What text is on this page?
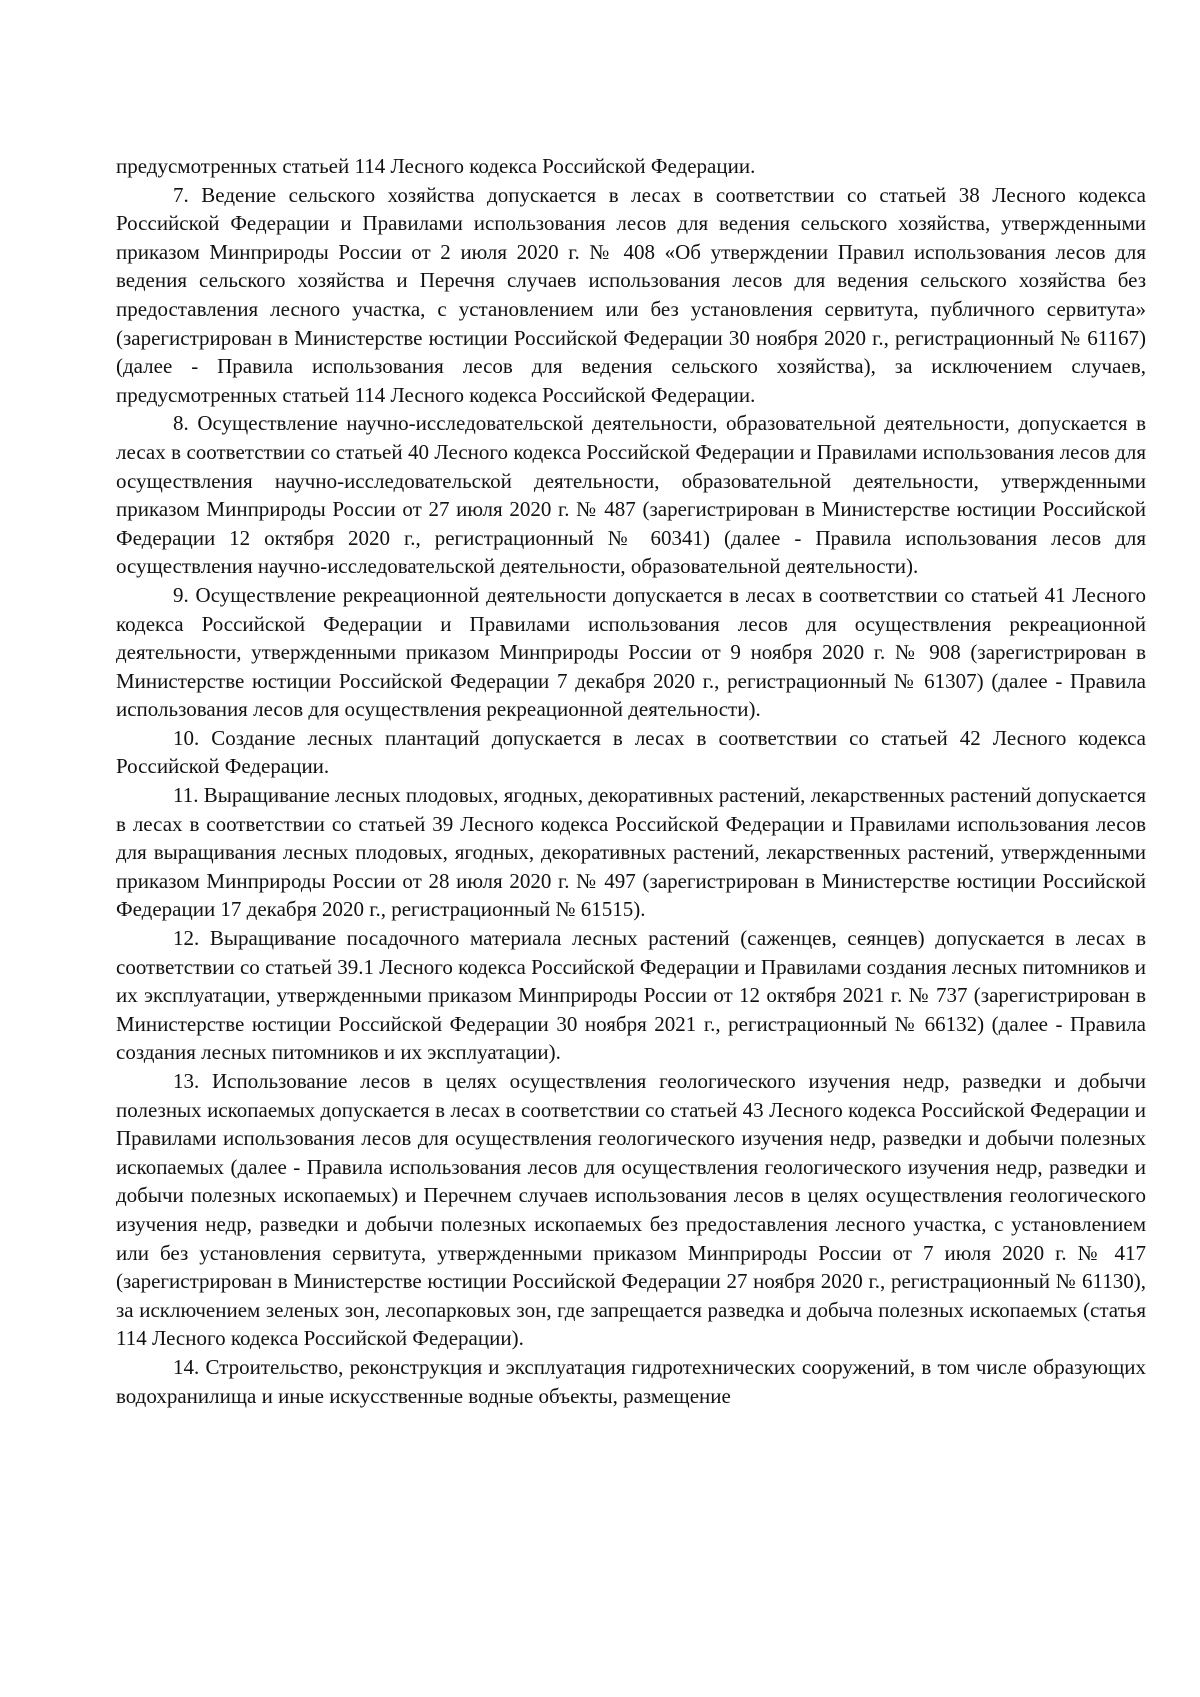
предусмотренных статьей 114 Лесного кодекса Российской Федерации.

7. Ведение сельского хозяйства допускается в лесах в соответствии со статьей 38 Лесного кодекса Российской Федерации и Правилами использования лесов для ведения сельского хозяйства, утвержденными приказом Минприроды России от 2 июля 2020 г. № 408 «Об утверждении Правил использования лесов для ведения сельского хозяйства и Перечня случаев использования лесов для ведения сельского хозяйства без предоставления лесного участка, с установлением или без установления сервитута, публичного сервитута» (зарегистрирован в Министерстве юстиции Российской Федерации 30 ноября 2020 г., регистрационный № 61167) (далее - Правила использования лесов для ведения сельского хозяйства), за исключением случаев, предусмотренных статьей 114 Лесного кодекса Российской Федерации.

8. Осуществление научно-исследовательской деятельности, образовательной деятельности, допускается в лесах в соответствии со статьей 40 Лесного кодекса Российской Федерации и Правилами использования лесов для осуществления научно-исследовательской деятельности, образовательной деятельности, утвержденными приказом Минприроды России от 27 июля 2020 г. № 487 (зарегистрирован в Министерстве юстиции Российской Федерации 12 октября 2020 г., регистрационный № 60341) (далее - Правила использования лесов для осуществления научно-исследовательской деятельности, образовательной деятельности).

9. Осуществление рекреационной деятельности допускается в лесах в соответствии со статьей 41 Лесного кодекса Российской Федерации и Правилами использования лесов для осуществления рекреационной деятельности, утвержденными приказом Минприроды России от 9 ноября 2020 г. № 908 (зарегистрирован в Министерстве юстиции Российской Федерации 7 декабря 2020 г., регистрационный № 61307) (далее - Правила использования лесов для осуществления рекреационной деятельности).

10. Создание лесных плантаций допускается в лесах в соответствии со статьей 42 Лесного кодекса Российской Федерации.

11. Выращивание лесных плодовых, ягодных, декоративных растений, лекарственных растений допускается в лесах в соответствии со статьей 39 Лесного кодекса Российской Федерации и Правилами использования лесов для выращивания лесных плодовых, ягодных, декоративных растений, лекарственных растений, утвержденными приказом Минприроды России от 28 июля 2020 г. № 497 (зарегистрирован в Министерстве юстиции Российской Федерации 17 декабря 2020 г., регистрационный № 61515).

12. Выращивание посадочного материала лесных растений (саженцев, сеянцев) допускается в лесах в соответствии со статьей 39.1 Лесного кодекса Российской Федерации и Правилами создания лесных питомников и их эксплуатации, утвержденными приказом Минприроды России от 12 октября 2021 г. № 737 (зарегистрирован в Министерстве юстиции Российской Федерации 30 ноября 2021 г., регистрационный № 66132) (далее - Правила создания лесных питомников и их эксплуатации).

13. Использование лесов в целях осуществления геологического изучения недр, разведки и добычи полезных ископаемых допускается в лесах в соответствии со статьей 43 Лесного кодекса Российской Федерации и Правилами использования лесов для осуществления геологического изучения недр, разведки и добычи полезных ископаемых (далее - Правила использования лесов для осуществления геологического изучения недр, разведки и добычи полезных ископаемых) и Перечнем случаев использования лесов в целях осуществления геологического изучения недр, разведки и добычи полезных ископаемых без предоставления лесного участка, с установлением или без установления сервитута, утвержденными приказом Минприроды России от 7 июля 2020 г. № 417 (зарегистрирован в Министерстве юстиции Российской Федерации 27 ноября 2020 г., регистрационный № 61130), за исключением зеленых зон, лесопарковых зон, где запрещается разведка и добыча полезных ископаемых (статья 114 Лесного кодекса Российской Федерации).

14. Строительство, реконструкция и эксплуатация гидротехнических сооружений, в том числе образующих водохранилища и иные искусственные водные объекты, размещение
